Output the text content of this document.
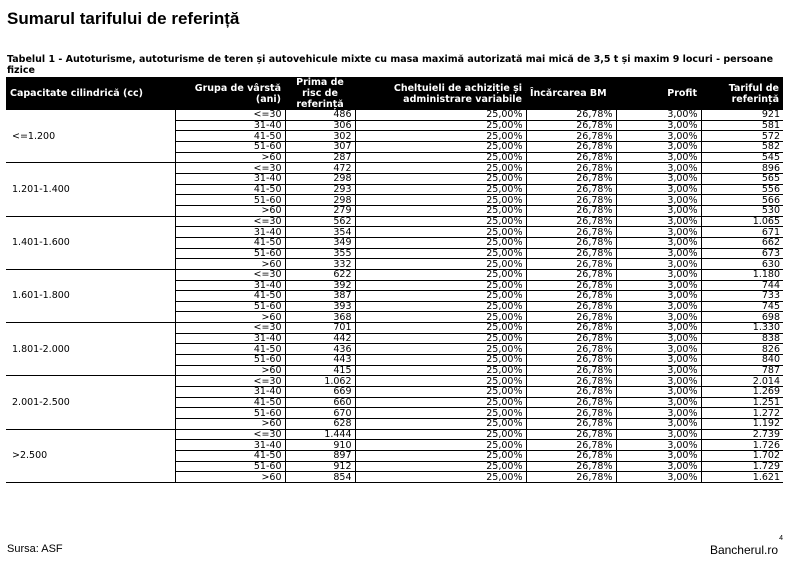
Sumarul tarifului de referință
Tabelul 1 - Autoturisme, autoturisme de teren și autovehicule mixte cu masa maximă autorizată mai mică de 3,5 t și maxim 9 locuri - persoane fizice
Capacitate cilindrică (cc)	Grupa de vârstă (ani)	Prima de risc de referință	Cheltuieli de achiziție și administrare variabile	Încărcarea BM	Profit	Tariful de referință
<=1.200	<=30	486	25,00%	26,78%	3,00%	921
	31-40	306	25,00%	26,78%	3,00%	581
	41-50	302	25,00%	26,78%	3,00%	572
	51-60	307	25,00%	26,78%	3,00%	582
	>60	287	25,00%	26,78%	3,00%	545
1.201-1.400	<=30	472	25,00%	26,78%	3,00%	896
	31-40	298	25,00%	26,78%	3,00%	565
	41-50	293	25,00%	26,78%	3,00%	556
	51-60	298	25,00%	26,78%	3,00%	566
	>60	279	25,00%	26,78%	3,00%	530
1.401-1.600	<=30	562	25,00%	26,78%	3,00%	1.065
	31-40	354	25,00%	26,78%	3,00%	671
	41-50	349	25,00%	26,78%	3,00%	662
	51-60	355	25,00%	26,78%	3,00%	673
	>60	332	25,00%	26,78%	3,00%	630
1.601-1.800	<=30	622	25,00%	26,78%	3,00%	1.180
	31-40	392	25,00%	26,78%	3,00%	744
	41-50	387	25,00%	26,78%	3,00%	733
	51-60	393	25,00%	26,78%	3,00%	745
	>60	368	25,00%	26,78%	3,00%	698
1.801-2.000	<=30	701	25,00%	26,78%	3,00%	1.330
	31-40	442	25,00%	26,78%	3,00%	838
	41-50	436	25,00%	26,78%	3,00%	826
	51-60	443	25,00%	26,78%	3,00%	840
	>60	415	25,00%	26,78%	3,00%	787
2.001-2.500	<=30	1.062	25,00%	26,78%	3,00%	2.014
	31-40	669	25,00%	26,78%	3,00%	1.269
	41-50	660	25,00%	26,78%	3,00%	1.251
	51-60	670	25,00%	26,78%	3,00%	1.272
	>60	628	25,00%	26,78%	3,00%	1.192
>2.500	<=30	1.444	25,00%	26,78%	3,00%	2.739
	31-40	910	25,00%	26,78%	3,00%	1.726
	41-50	897	25,00%	26,78%	3,00%	1.702
	51-60	912	25,00%	26,78%	3,00%	1.729
	>60	854	25,00%	26,78%	3,00%	1.621
Sursa: ASF
4
Bancherul.ro
